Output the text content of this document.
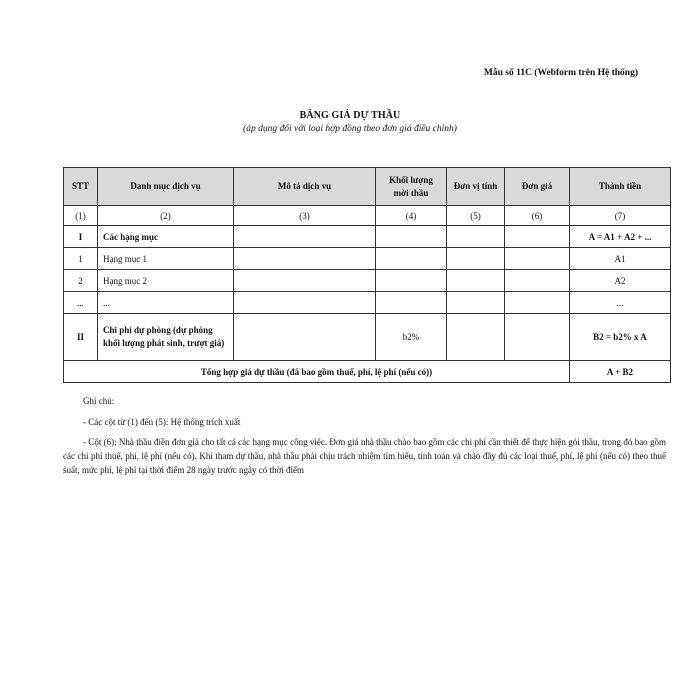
Mẫu số 11C (Webform trên Hệ thống)
BẢNG GIÁ DỰ THẦU
(áp dụng đối với loại hợp đồng theo đơn giá điều chỉnh)
STT	Danh mục dịch vụ	Mô tả dịch vụ	Khối lượng mời thầu	Đơn vị tính	Đơn giá	Thành tiền
(1)	(2)	(3)	(4)	(5)	(6)	(7)
I	Các hạng mục					A = A1 + A2 + ...
1	Hạng mục 1					A1
2	Hạng mục 2					A2
...	...					...
II	Chi phí dự phòng (dự phòng khối lượng phát sinh, trượt giá)		b2%			B2 = b2% x A
Tổng hợp giá dự thầu (đã bao gồm thuế, phí, lệ phí (nếu có))						A + B2

Ghi chú:

- Các cột từ (1) đến (5): Hệ thống trích xuất

- Cột (6): Nhà thầu điền đơn giá cho tất cả các hạng mục công việc. Đơn giá nhà thầu chào bao gồm các chi phí cần thiết để thực hiện gói thầu, trong đó bao gồm các chi phí thuế, phí, lệ phí (nếu có). Khi tham dự thầu, nhà thầu phải chịu trách nhiệm tìm hiểu, tính toán và chào đầy đủ các loại thuế, phí, lệ phí (nếu có) theo thuế suất, mức phí, lệ phí tại thời điểm 28 ngày trước ngày có thời điểm
